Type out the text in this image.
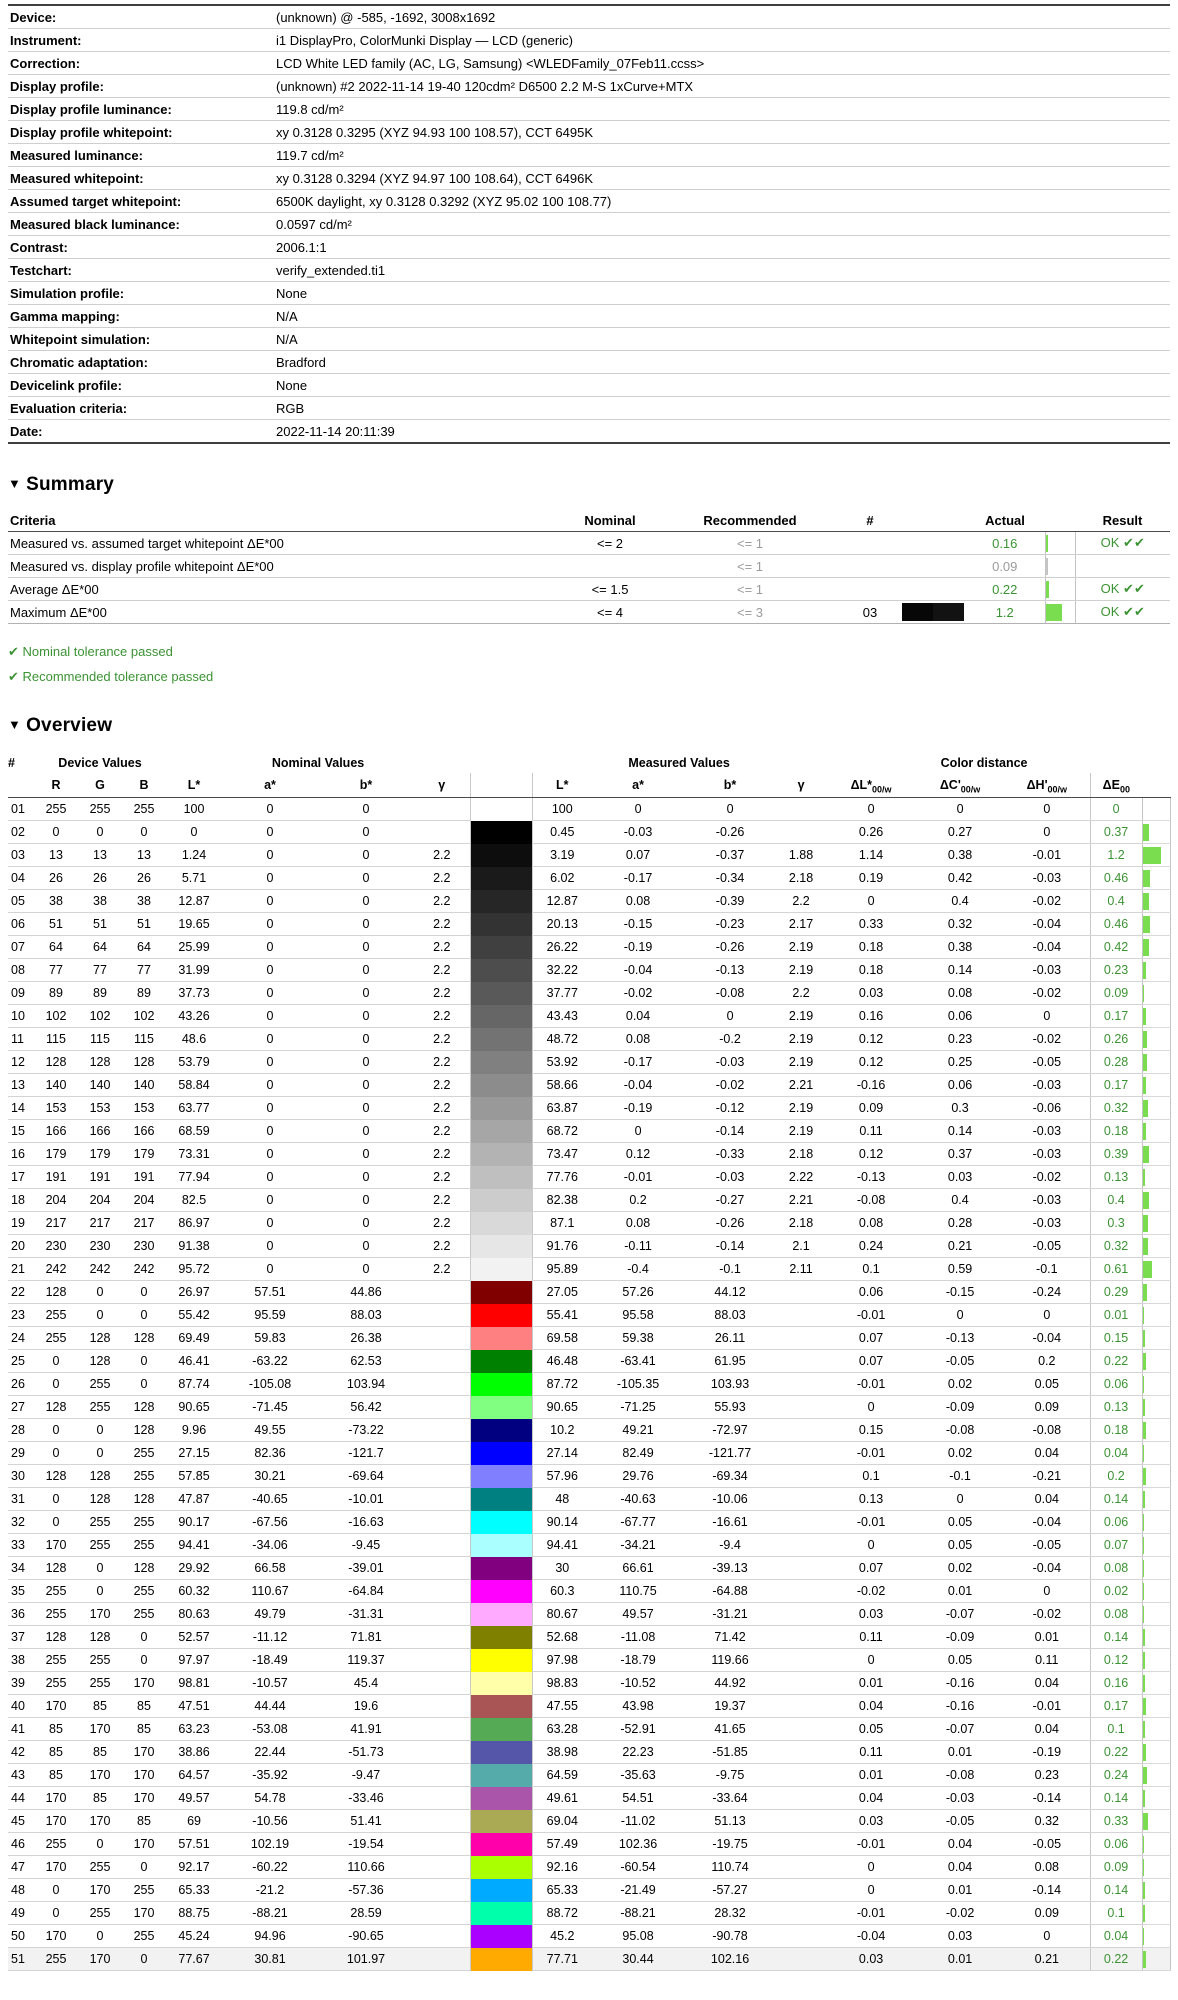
Device:	(unknown) @ -585, -1692, 3008x1692
Instrument:	i1 DisplayPro, ColorMunki Display — LCD (generic)
Correction:	LCD White LED family (AC, LG, Samsung) <WLEDFamily_07Feb11.ccss>
Display profile:	(unknown) #2 2022-11-14 19-40 120cdm² D6500 2.2 M-S 1xCurve+MTX
Display profile luminance:	119.8 cd/m²
Display profile whitepoint:	xy 0.3128 0.3295 (XYZ 94.93 100 108.57), CCT 6495K
Measured luminance:	119.7 cd/m²
Measured whitepoint:	xy 0.3128 0.3294 (XYZ 94.97 100 108.64), CCT 6496K
Assumed target whitepoint:	6500K daylight, xy 0.3128 0.3292 (XYZ 95.02 100 108.77)
Measured black luminance:	0.0597 cd/m²
Contrast:	2006.1:1
Testchart:	verify_extended.ti1
Simulation profile:	None
Gamma mapping:	N/A
Whitepoint simulation:	N/A
Chromatic adaptation:	Bradford
Devicelink profile:	None
Evaluation criteria:	RGB
Date:	2022-11-14 20:11:39
▼ Summary
Criteria	Nominal	Recommended	#		Actual		Result
Measured vs. assumed target whitepoint ΔE*00	<= 2	<= 1			0.16		OK ✔✔
Measured vs. display profile whitepoint ΔE*00		<= 1			0.09	

Average ΔE*00	<= 1.5	<= 1			0.22		OK ✔✔
Maximum ΔE*00	<= 4	<= 3	03		1.2		OK ✔✔
✔ Nominal tolerance passed
✔ Recommended tolerance passed
▼ Overview
#	Device Values			Nominal Values					Measured Values				Color distance				
	R	G	B	L*	a*	b*	γ		L*	a*	b*	γ	$\Delta L*_{00/w}$	$\Delta C'_{00/w}$	$\Delta H'_{00/w}$	$\Delta E_{00}$	
01	255	255	255	100	0	0			100	0	0		0	0	0	0	
02	0	0	0	0	0	0			0.45	-0.03	-0.26		0.26	0.27	0	0.37	

03	13	13	13	1.24	0	0	2.2		3.19	0.07	-0.37	1.88	1.14	0.38	-0.01	1.2	

04	26	26	26	5.71	0	0	2.2		6.02	-0.17	-0.34	2.18	0.19	0.42	-0.03	0.46	

05	38	38	38	12.87	0	0	2.2		12.87	0.08	-0.39	2.2	0	0.4	-0.02	0.4	

06	51	51	51	19.65	0	0	2.2		20.13	-0.15	-0.23	2.17	0.33	0.32	-0.04	0.46	

07	64	64	64	25.99	0	0	2.2		26.22	-0.19	-0.26	2.19	0.18	0.38	-0.04	0.42	

08	77	77	77	31.99	0	0	2.2		32.22	-0.04	-0.13	2.19	0.18	0.14	-0.03	0.23	

09	89	89	89	37.73	0	0	2.2		37.77	-0.02	-0.08	2.2	0.03	0.08	-0.02	0.09	

10	102	102	102	43.26	0	0	2.2		43.43	0.04	0	2.19	0.16	0.06	0	0.17	

11	115	115	115	48.6	0	0	2.2		48.72	0.08	-0.2	2.19	0.12	0.23	-0.02	0.26	

12	128	128	128	53.79	0	0	2.2		53.92	-0.17	-0.03	2.19	0.12	0.25	-0.05	0.28	

13	140	140	140	58.84	0	0	2.2		58.66	-0.04	-0.02	2.21	-0.16	0.06	-0.03	0.17	

14	153	153	153	63.77	0	0	2.2		63.87	-0.19	-0.12	2.19	0.09	0.3	-0.06	0.32	

15	166	166	166	68.59	0	0	2.2		68.72	0	-0.14	2.19	0.11	0.14	-0.03	0.18	

16	179	179	179	73.31	0	0	2.2		73.47	0.12	-0.33	2.18	0.12	0.37	-0.03	0.39	

17	191	191	191	77.94	0	0	2.2		77.76	-0.01	-0.03	2.22	-0.13	0.03	-0.02	0.13	

18	204	204	204	82.5	0	0	2.2		82.38	0.2	-0.27	2.21	-0.08	0.4	-0.03	0.4	

19	217	217	217	86.97	0	0	2.2		87.1	0.08	-0.26	2.18	0.08	0.28	-0.03	0.3	

20	230	230	230	91.38	0	0	2.2		91.76	-0.11	-0.14	2.1	0.24	0.21	-0.05	0.32	

21	242	242	242	95.72	0	0	2.2		95.89	-0.4	-0.1	2.11	0.1	0.59	-0.1	0.61	

22	128	0	0	26.97	57.51	44.86			27.05	57.26	44.12		0.06	-0.15	-0.24	0.29	

23	255	0	0	55.42	95.59	88.03			55.41	95.58	88.03		-0.01	0	0	0.01	

24	255	128	128	69.49	59.83	26.38			69.58	59.38	26.11		0.07	-0.13	-0.04	0.15	

25	0	128	0	46.41	-63.22	62.53			46.48	-63.41	61.95		0.07	-0.05	0.2	0.22	

26	0	255	0	87.74	-105.08	103.94			87.72	-105.35	103.93		-0.01	0.02	0.05	0.06	

27	128	255	128	90.65	-71.45	56.42			90.65	-71.25	55.93		0	-0.09	0.09	0.13	

28	0	0	128	9.96	49.55	-73.22			10.2	49.21	-72.97		0.15	-0.08	-0.08	0.18	

29	0	0	255	27.15	82.36	-121.7			27.14	82.49	-121.77		-0.01	0.02	0.04	0.04	

30	128	128	255	57.85	30.21	-69.64			57.96	29.76	-69.34		0.1	-0.1	-0.21	0.2	

31	0	128	128	47.87	-40.65	-10.01			48	-40.63	-10.06		0.13	0	0.04	0.14	

32	0	255	255	90.17	-67.56	-16.63			90.14	-67.77	-16.61		-0.01	0.05	-0.04	0.06	

33	170	255	255	94.41	-34.06	-9.45			94.41	-34.21	-9.4		0	0.05	-0.05	0.07	

34	128	0	128	29.92	66.58	-39.01			30	66.61	-39.13		0.07	0.02	-0.04	0.08	

35	255	0	255	60.32	110.67	-64.84			60.3	110.75	-64.88		-0.02	0.01	0	0.02	

36	255	170	255	80.63	49.79	-31.31			80.67	49.57	-31.21		0.03	-0.07	-0.02	0.08	

37	128	128	0	52.57	-11.12	71.81			52.68	-11.08	71.42		0.11	-0.09	0.01	0.14	

38	255	255	0	97.97	-18.49	119.37			97.98	-18.79	119.66		0	0.05	0.11	0.12	

39	255	255	170	98.81	-10.57	45.4			98.83	-10.52	44.92		0.01	-0.16	0.04	0.16	

40	170	85	85	47.51	44.44	19.6			47.55	43.98	19.37		0.04	-0.16	-0.01	0.17	

41	85	170	85	63.23	-53.08	41.91			63.28	-52.91	41.65		0.05	-0.07	0.04	0.1	

42	85	85	170	38.86	22.44	-51.73			38.98	22.23	-51.85		0.11	0.01	-0.19	0.22	

43	85	170	170	64.57	-35.92	-9.47			64.59	-35.63	-9.75		0.01	-0.08	0.23	0.24	

44	170	85	170	49.57	54.78	-33.46			49.61	54.51	-33.64		0.04	-0.03	-0.14	0.14	

45	170	170	85	69	-10.56	51.41			69.04	-11.02	51.13		0.03	-0.05	0.32	0.33	

46	255	0	170	57.51	102.19	-19.54			57.49	102.36	-19.75		-0.01	0.04	-0.05	0.06	

47	170	255	0	92.17	-60.22	110.66			92.16	-60.54	110.74		0	0.04	0.08	0.09	

48	0	170	255	65.33	-21.2	-57.36			65.33	-21.49	-57.27		0	0.01	-0.14	0.14	

49	0	255	170	88.75	-88.21	28.59			88.72	-88.21	28.32		-0.01	-0.02	0.09	0.1	

50	170	0	255	45.24	94.96	-90.65			45.2	95.08	-90.78		-0.04	0.03	0	0.04	

51	255	170	0	77.67	30.81	101.97			77.71	30.44	102.16		0.03	0.01	0.21	0.22	
